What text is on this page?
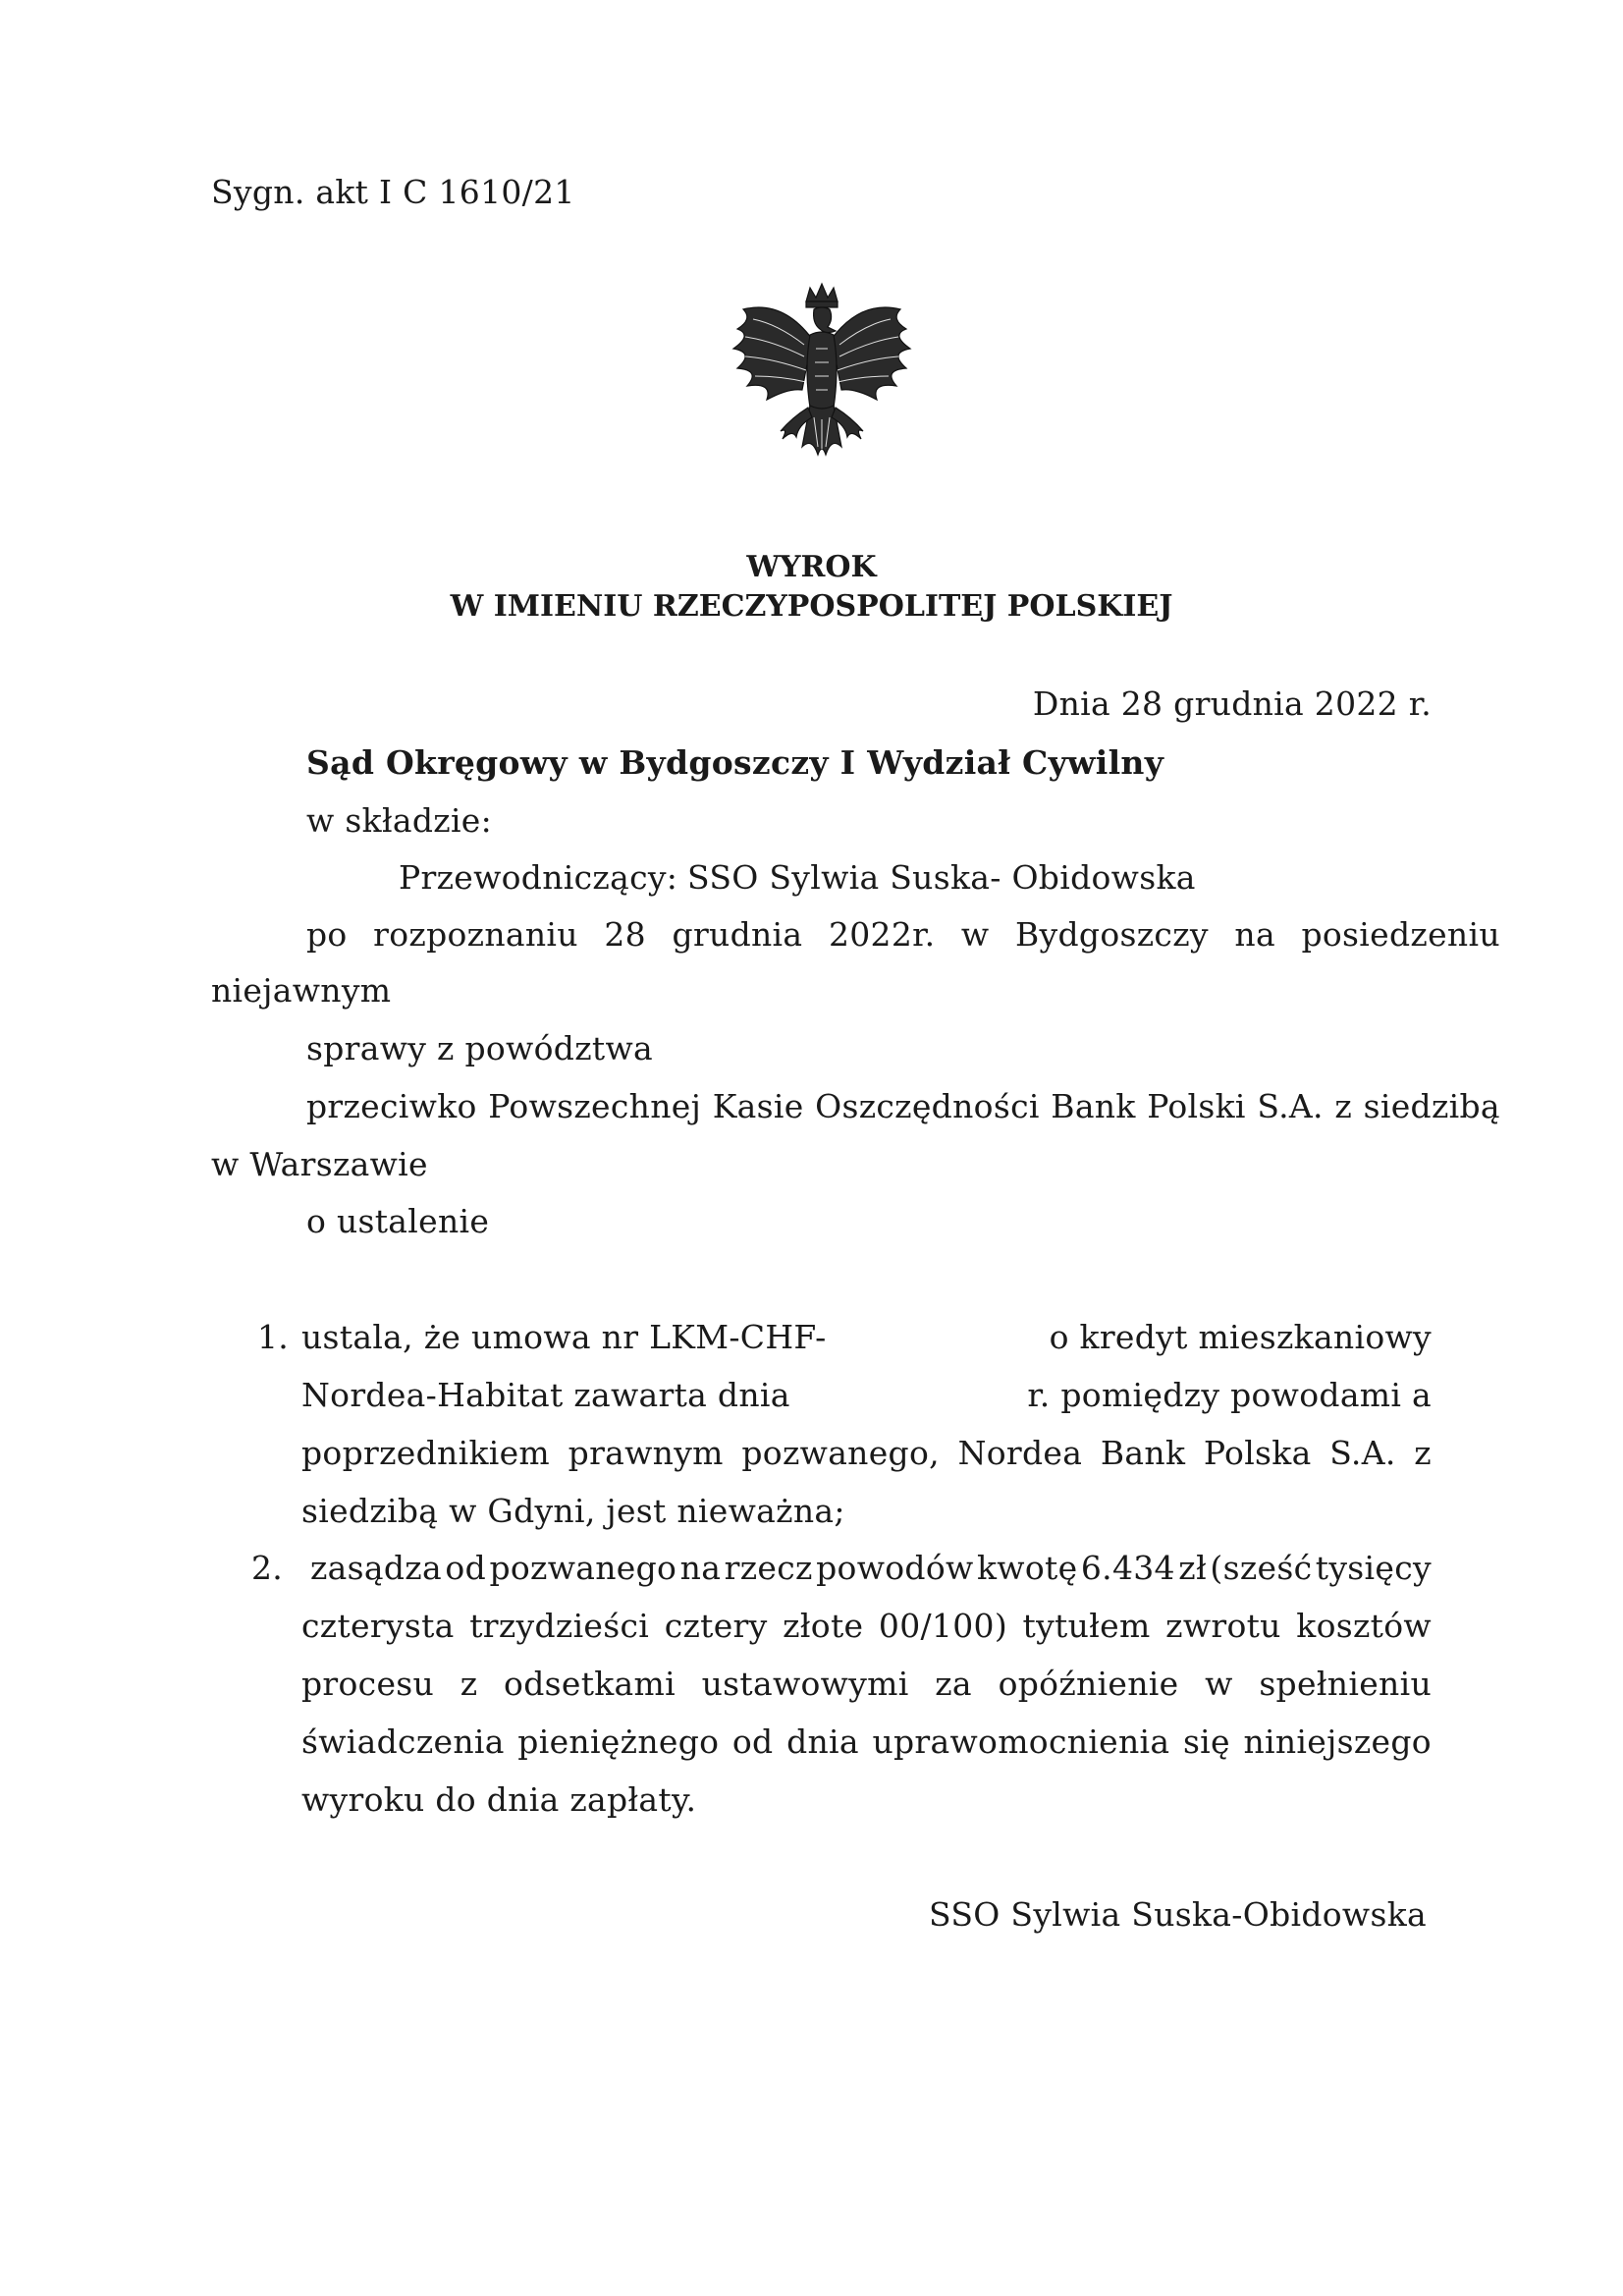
Sygn. akt I C 1610/21
WYROK
W IMIENIU RZECZYPOSPOLITEJ POLSKIEJ
Dnia 28 grudnia 2022 r.
Sąd Okręgowy w Bydgoszczy I Wydział Cywilny
w składzie:
Przewodniczący: SSO Sylwia Suska- Obidowska
po rozpoznaniu 28 grudnia 2022r. w Bydgoszczy na posiedzeniu
niejawnym
sprawy z powództwa
przeciwko Powszechnej Kasie Oszczędności Bank Polski S.A. z siedzibą
w Warszawie
o ustalenie
1. ustala, że umowa nr LKM-CHF-	o kredyt mieszkaniowy
Nordea-Habitat zawarta dnia	r. pomiędzy powodami a
poprzednikiem prawnym pozwanego, Nordea Bank Polska S.A. z
siedzibą w Gdyni, jest nieważna;
2. zasądza od pozwanego na rzecz powodów kwotę 6.434 zł (sześć tysięcy
czterysta trzydzieści cztery złote 00/100) tytułem zwrotu kosztów
procesu z odsetkami ustawowymi za opóźnienie w spełnieniu
świadczenia pieniężnego od dnia uprawomocnienia się niniejszego
wyroku do dnia zapłaty.
SSO Sylwia Suska-Obidowska
